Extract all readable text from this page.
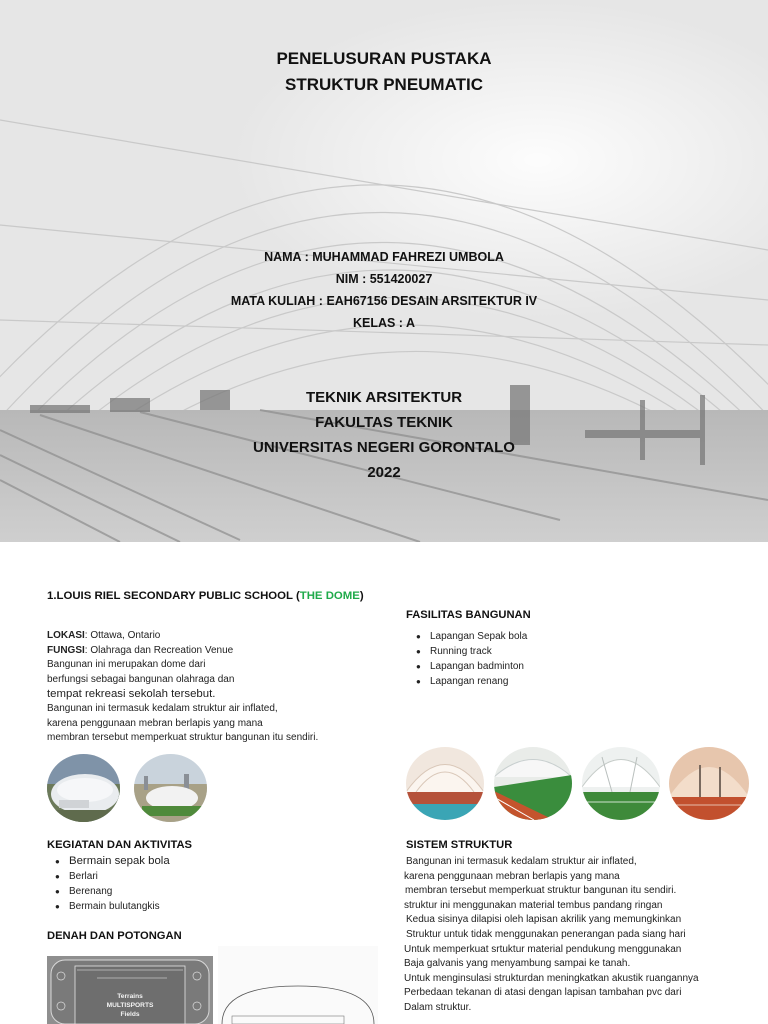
PENELUSURAN PUSTAKA
STRUKTUR PNEUMATIC
NAMA : MUHAMMAD FAHREZI UMBOLA
NIM : 551420027
MATA KULIAH : EAH67156 DESAIN ARSITEKTUR IV
KELAS : A
TEKNIK ARSITEKTUR
FAKULTAS TEKNIK
UNIVERSITAS NEGERI GORONTALO
2022
1.LOUIS RIEL SECONDARY PUBLIC SCHOOL (THE DOME)
LOKASI: Ottawa, Ontario
FUNGSI: Olahraga dan Recreation Venue
Bangunan ini merupakan dome dari
berfungsi sebagai bangunan olahraga dan
tempat rekreasi sekolah tersebut.
Bangunan ini termasuk kedalam struktur air inflated,
karena penggunaan mebran berlapis yang mana
membran tersebut memperkuat struktur bangunan itu sendiri.
FASILITAS BANGUNAN
● Lapangan Sepak bola
● Running track
● Lapangan badminton
● Lapangan renang
KEGIATAN DAN AKTIVITAS
● Bermain sepak bola
● Berlari
● Berenang
● Bermain bulutangkis
DENAH DAN POTONGAN
Terrains
MULTISPORTS
Fields
SISTEM STRUKTUR
Bangunan ini termasuk kedalam struktur air inflated,
karena penggunaan mebran berlapis yang mana
membran tersebut memperkuat struktur bangunan itu sendiri.
struktur ini menggunakan material tembus pandang ringan
Kedua sisinya dilapisi oleh lapisan akrilik yang memungkinkan
Struktur untuk tidak menggunakan penerangan pada siang hari
Untuk memperkuat srtuktur material pendukung menggunakan
Baja galvanis yang menyambung sampai ke tanah.
Untuk menginsulasi strukturdan meningkatkan akustik ruangannya
Perbedaan tekanan di atasi dengan lapisan tambahan pvc dari
Dalam struktur.
